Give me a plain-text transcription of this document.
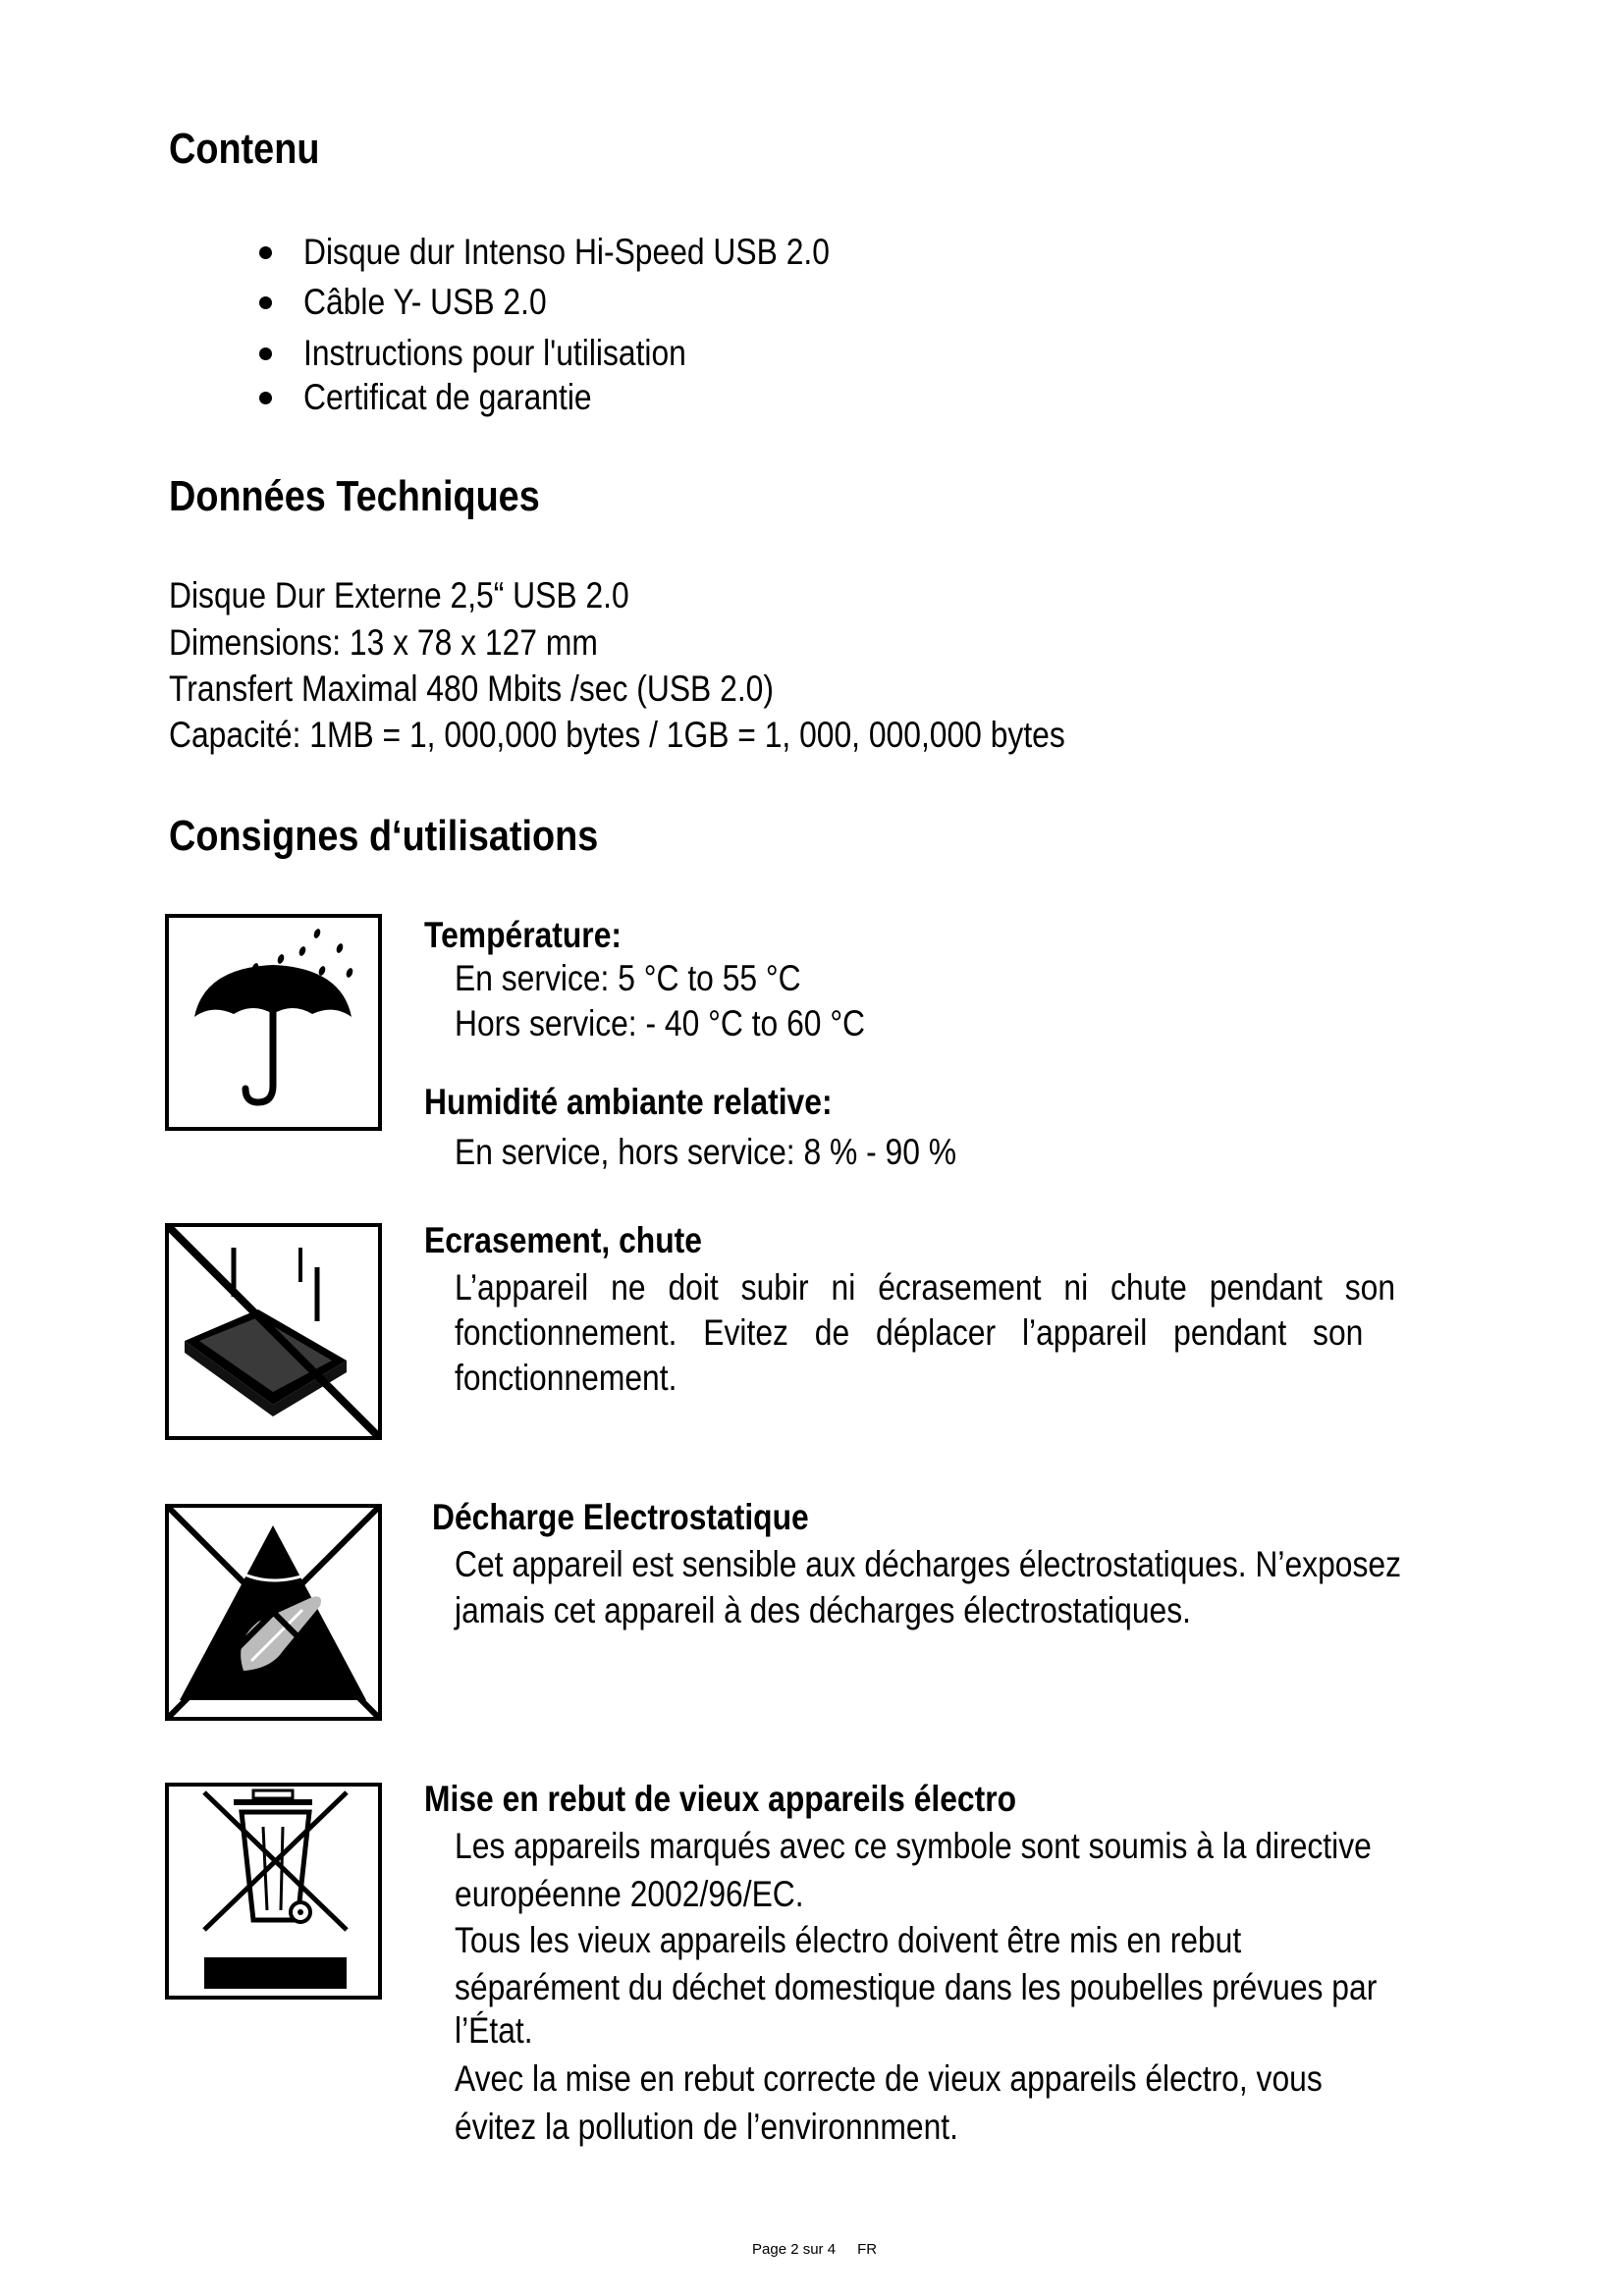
Contenu

Disque dur Intenso Hi-Speed USB 2.0

Câble Y- USB 2.0

Instructions pour l'utilisation

Certificat de garantie

Données Techniques

Disque Dur Externe 2,5“ USB 2.0

Dimensions: 13 x 78 x 127 mm

Transfert Maximal 480 Mbits /sec (USB 2.0)

Capacité: 1MB = 1, 000,000 bytes / 1GB = 1, 000, 000,000 bytes

Consignes d‘utilisations

Température:

En service: 5 °C to 55 °C

Hors service: - 40 °C to 60 °C

Humidité ambiante relative:

En service, hors service: 8 % - 90 %

Ecrasement, chute

L’appareil ne doit subir ni écrasement ni chute pendant son

fonctionnement. Evitez de déplacer l’appareil pendant son

fonctionnement.

Décharge Electrostatique

Cet appareil est sensible aux décharges électrostatiques. N’exposez

jamais cet appareil à des décharges électrostatiques.

Mise en rebut de vieux appareils électro

Les appareils marqués avec ce symbole sont soumis à la directive

européenne 2002/96/EC.

Tous les vieux appareils électro doivent être mis en rebut

séparément du déchet domestique dans les poubelles prévues par

l’État.

Avec la mise en rebut correcte de vieux appareils électro, vous

évitez la pollution de l’environnment.

Page 2 sur 4 FR
